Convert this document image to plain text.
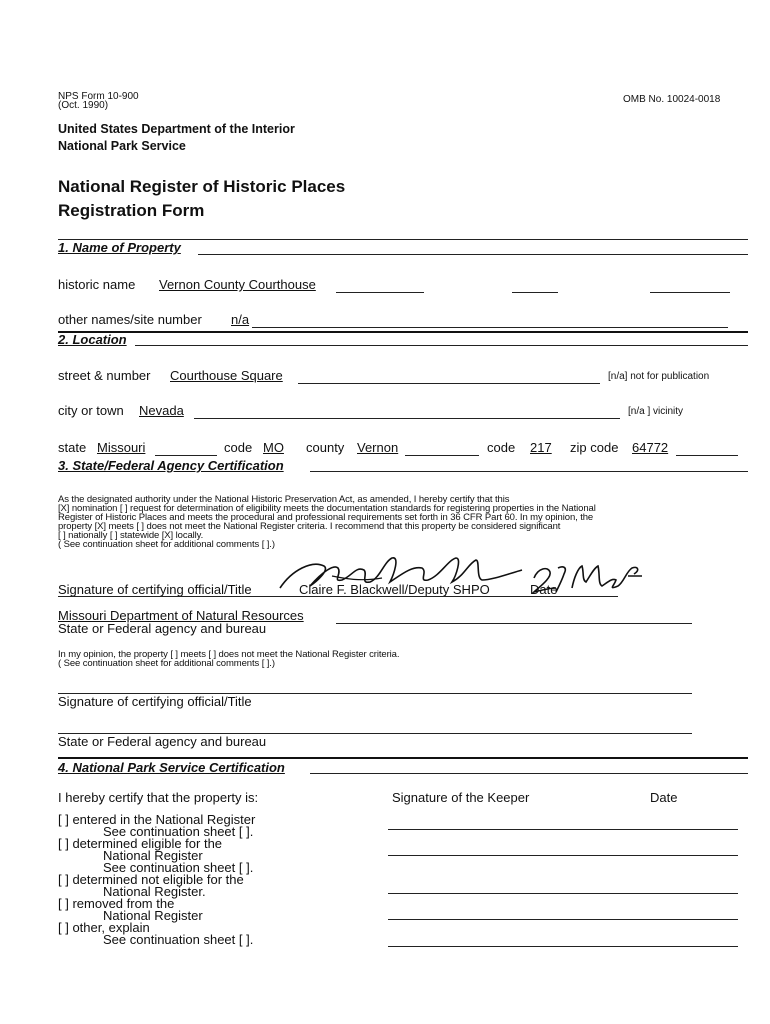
NPS Form 10-900
(Oct. 1990)
OMB No. 10024-0018
United States Department of the Interior
National Park Service
National Register of Historic Places
Registration Form
1. Name of Property
historic name Vernon County Courthouse
other names/site number n/a
2. Location
street & number Courthouse Square	[n/a] not for publication
city or town Nevada	[n/a ] vicinity
state Missouri	code MO county Vernon	code 217 zip code 64772
3. State/Federal Agency Certification
As the designated authority under the National Historic Preservation Act, as amended, I hereby certify that this
[X] nomination [ ] request for determination of eligibility meets the documentation standards for registering properties in the National
Register of Historic Places and meets the procedural and professional requirements set forth in 36 CFR Part 60. In my opinion, the
property [X] meets [ ] does not meet the National Register criteria. I recommend that this property be considered significant
[ ] nationally [ ] statewide [X] locally.
( See continuation sheet for additional comments [ ].)
Signature of certifying official/Title	Claire F. Blackwell/Deputy SHPO	Date
Missouri Department of Natural Resources
State or Federal agency and bureau
In my opinion, the property [ ] meets [ ] does not meet the National Register criteria.
( See continuation sheet for additional comments [ ].)
Signature of certifying official/Title
State or Federal agency and bureau
4. National Park Service Certification
I hereby certify that the property is:	Signature of the Keeper	Date
[ ] entered in the National Register
See continuation sheet [ ].
[ ] determined eligible for the
National Register
See continuation sheet [ ].
[ ] determined not eligible for the
National Register.
[ ] removed from the
National Register
[ ] other, explain
See continuation sheet [ ].
